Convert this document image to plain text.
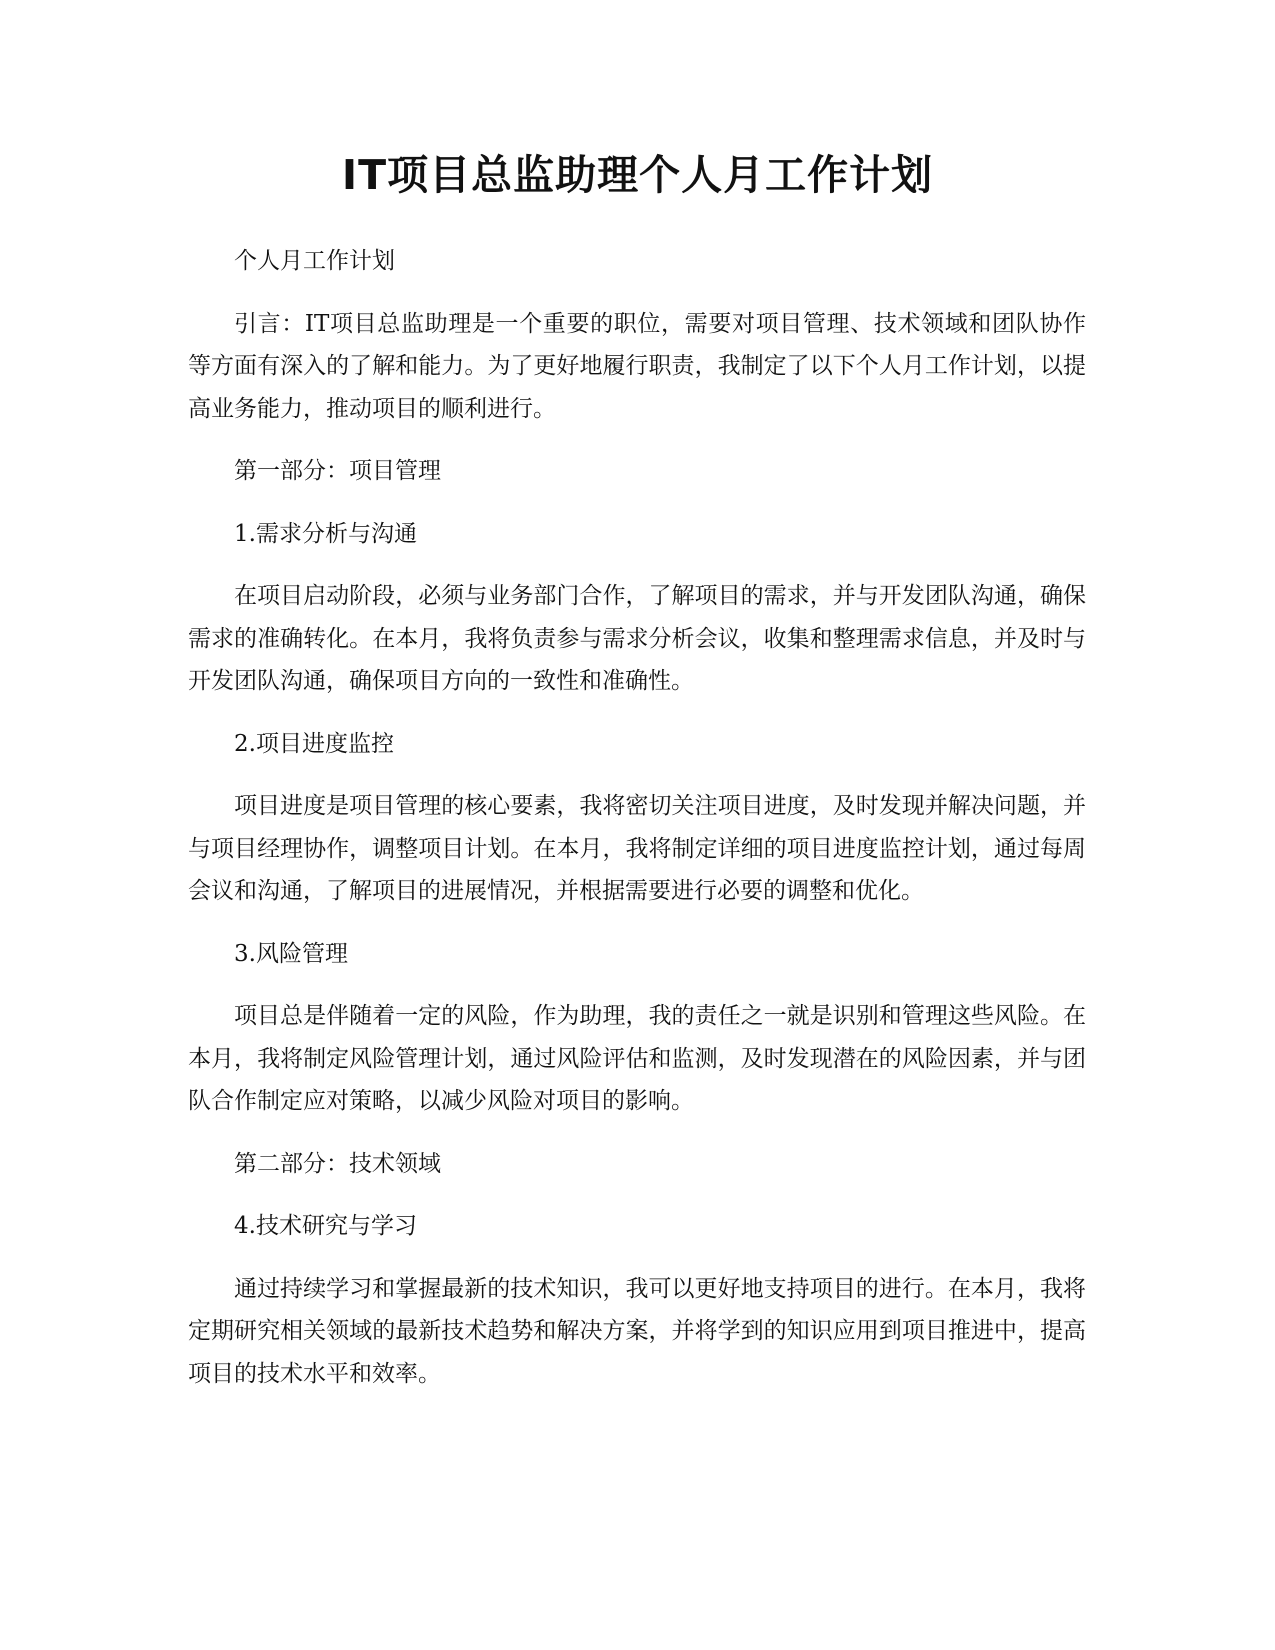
IT项目总监助理个人月工作计划

个人月工作计划

引言：IT项目总监助理是一个重要的职位，需要对项目管理、技术领域和团队协作等方面有深入的了解和能力。为了更好地履行职责，我制定了以下个人月工作计划，以提高业务能力，推动项目的顺利进行。

第一部分：项目管理

1.需求分析与沟通

在项目启动阶段，必须与业务部门合作，了解项目的需求，并与开发团队沟通，确保需求的准确转化。在本月，我将负责参与需求分析会议，收集和整理需求信息，并及时与开发团队沟通，确保项目方向的一致性和准确性。

2.项目进度监控

项目进度是项目管理的核心要素，我将密切关注项目进度，及时发现并解决问题，并与项目经理协作，调整项目计划。在本月，我将制定详细的项目进度监控计划，通过每周会议和沟通，了解项目的进展情况，并根据需要进行必要的调整和优化。

3.风险管理

项目总是伴随着一定的风险，作为助理，我的责任之一就是识别和管理这些风险。在本月，我将制定风险管理计划，通过风险评估和监测，及时发现潜在的风险因素，并与团队合作制定应对策略，以减少风险对项目的影响。

第二部分：技术领域

4.技术研究与学习

通过持续学习和掌握最新的技术知识，我可以更好地支持项目的进行。在本月，我将定期研究相关领域的最新技术趋势和解决方案，并将学到的知识应用到项目推进中，提高项目的技术水平和效率。
